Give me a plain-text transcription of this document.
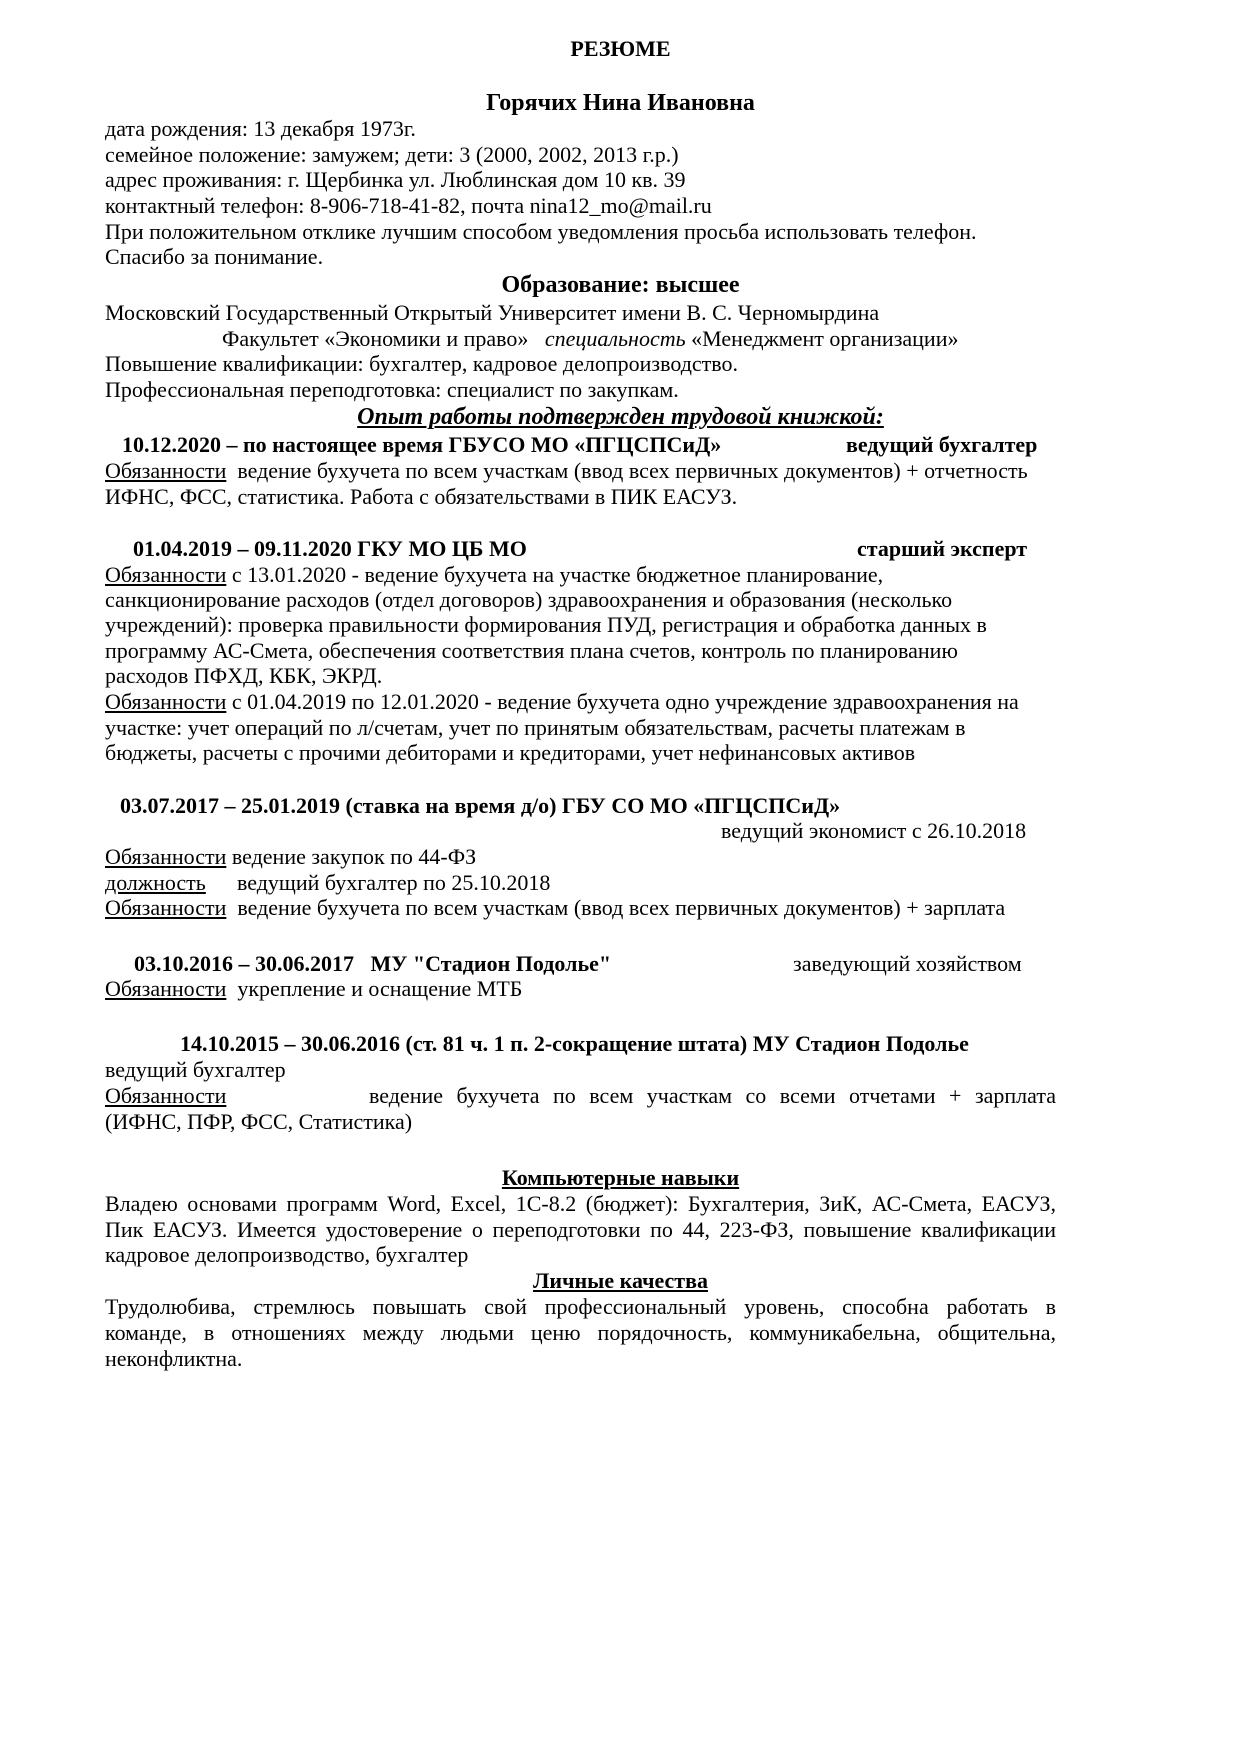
РЕЗЮМЕ
Горячих Нина Ивановна
дата рождения: 13 декабря 1973г.
семейное положение: замужем; дети: 3 (2000, 2002, 2013 г.р.)
адрес проживания: г. Щербинка ул. Люблинская дом 10 кв. 39
контактный телефон: 8-906-718-41-82, почта nina12_mo@mail.ru
При положительном отклике лучшим способом уведомления просьба использовать телефон.
Спасибо за понимание.
Образование: высшее
Московский Государственный Открытый Университет имени В. С. Черномырдина
Факультет «Экономики и право» специальность «Менеджмент организации»
Повышение квалификации: бухгалтер, кадровое делопроизводство.
Профессиональная переподготовка: специалист по закупкам.
Опыт работы подтвержден трудовой книжкой:
10.12.2020 – по настоящее время ГБУСО МО «ПГЦСПСиД»	ведущий бухгалтер
Обязанности ведение бухучета по всем участкам (ввод всех первичных документов) + отчетность
ИФНС, ФСС, статистика. Работа с обязательствами в ПИК ЕАСУЗ.
01.04.2019 – 09.11.2020 ГКУ МО ЦБ МО	старший эксперт
Обязанности с 13.01.2020 - ведение бухучета на участке бюджетное планирование,
санкционирование расходов (отдел договоров) здравоохранения и образования (несколько
учреждений): проверка правильности формирования ПУД, регистрация и обработка данных в
программу АС-Смета, обеспечения соответствия плана счетов, контроль по планированию
расходов ПФХД, КБК, ЭКРД.
Обязанности с 01.04.2019 по 12.01.2020 - ведение бухучета одно учреждение здравоохранения на
участке: учет операций по л/счетам, учет по принятым обязательствам, расчеты платежам в
бюджеты, расчеты с прочими дебиторами и кредиторами, учет нефинансовых активов
03.07.2017 – 25.01.2019 (ставка на время д/о) ГБУ СО МО «ПГЦСПСиД»
ведущий экономист с 26.10.2018
Обязанности ведение закупок по 44-ФЗ
должность ведущий бухгалтер по 25.10.2018
Обязанности ведение бухучета по всем участкам (ввод всех первичных документов) + зарплата
03.10.2016 – 30.06.2017   МУ "Стадион Подолье"	заведующий хозяйством
Обязанности укрепление и оснащение МТБ
14.10.2015 – 30.06.2016 (ст. 81 ч. 1 п. 2-сокращение штата) МУ Стадион Подолье
ведущий бухгалтер
Обязанности	ведение бухучета по всем участкам со всеми отчетами + зарплата
(ИФНС, ПФР, ФСС, Статистика)
Компьютерные навыки
Владею основами программ Word, Excel, 1С-8.2 (бюджет): Бухгалтерия, ЗиК, АС-Смета, ЕАСУЗ,
Пик ЕАСУЗ. Имеется удостоверение о переподготовки по 44, 223-ФЗ, повышение квалификации
кадровое делопроизводство, бухгалтер
Личные качества
Трудолюбива, стремлюсь повышать свой профессиональный уровень, способна работать в
команде, в отношениях между людьми ценю порядочность, коммуникабельна, общительна,
неконфликтна.
